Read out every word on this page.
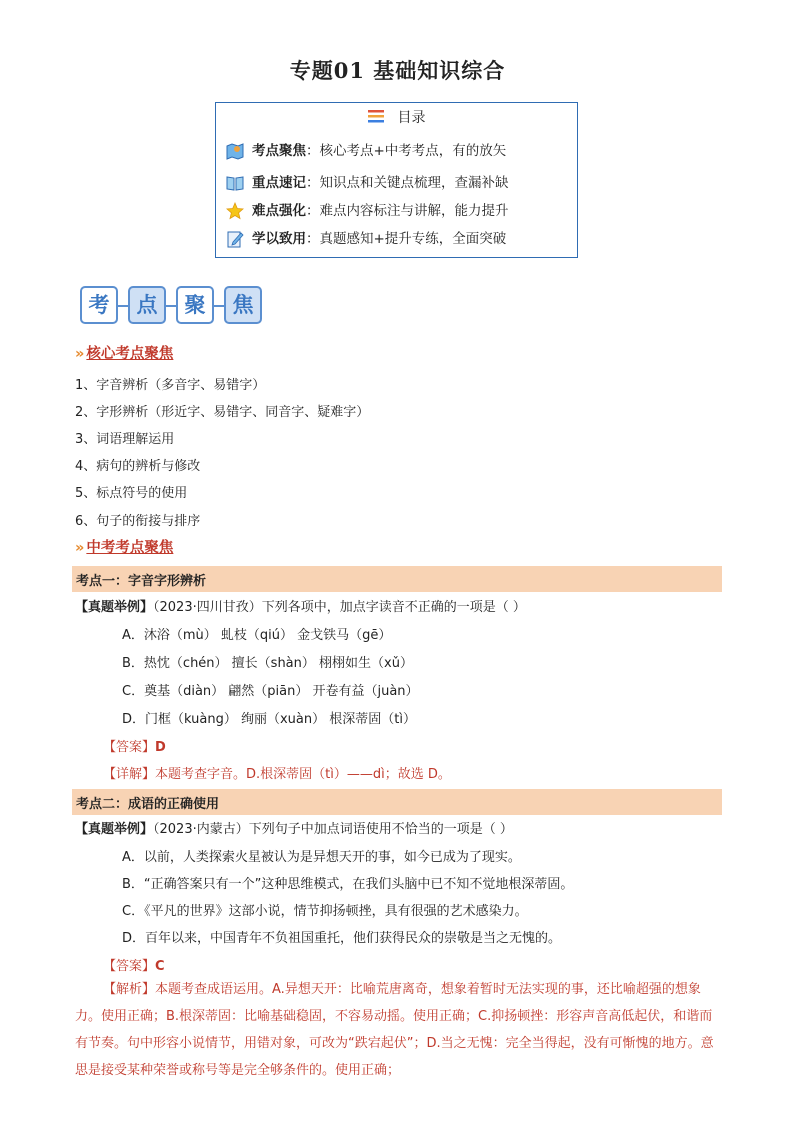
专题01 基础知识综合
目录
考点聚焦：核心考点+中考考点，有的放矢
重点速记：知识点和关键点梳理，查漏补缺
难点强化：难点内容标注与讲解，能力提升
学以致用：真题感知+提升专练，全面突破
考	点	聚	焦
» 核心考点聚焦
1、字音辨析（多音字、易错字）
2、字形辨析（形近字、易错字、同音字、疑难字）
3、词语理解运用
4、病句的辨析与修改
5、标点符号的使用
6、句子的衔接与排序
» 中考考点聚焦
考点一：字音字形辨析
【真题举例】（2023·四川甘孜）下列各项中，加点字读音不正确的一项是（ ）
A．沐浴（mù） 虬枝（qiú） 金戈铁马（gē）
B．热忱（chén） 擅长（shàn） 栩栩如生（xǔ）
C．奠基（diàn） 翩然（piān） 开卷有益（juàn）
D．门框（kuàng） 绚丽（xuàn） 根深蒂固（tì）
【答案】D
【详解】本题考查字音。D.根深蒂固（tì）——dì；故选 D。
考点二：成语的正确使用
【真题举例】（2023·内蒙古）下列句子中加点词语使用不恰当的一项是（ ）
A．以前，人类探索火星被认为是异想天开的事，如今已成为了现实。
B．“正确答案只有一个”这种思维模式，在我们头脑中已不知不觉地根深蒂固。
C．《平凡的世界》这部小说，情节抑扬顿挫，具有很强的艺术感染力。
D．百年以来，中国青年不负祖国重托，他们获得民众的崇敬是当之无愧的。
【答案】C
【解析】本题考查成语运用。A.异想天开：比喻荒唐离奇，想象着暂时无法实现的事，还比喻超强的想象力。使用正确；B.根深蒂固：比喻基础稳固，不容易动摇。使用正确；C.抑扬顿挫：形容声音高低起伏，和谐而有节奏。句中形容小说情节，用错对象，可改为“跌宕起伏”；D.当之无愧：完全当得起，没有可惭愧的地方。意思是接受某种荣誉或称号等是完全够条件的。使用正确；
